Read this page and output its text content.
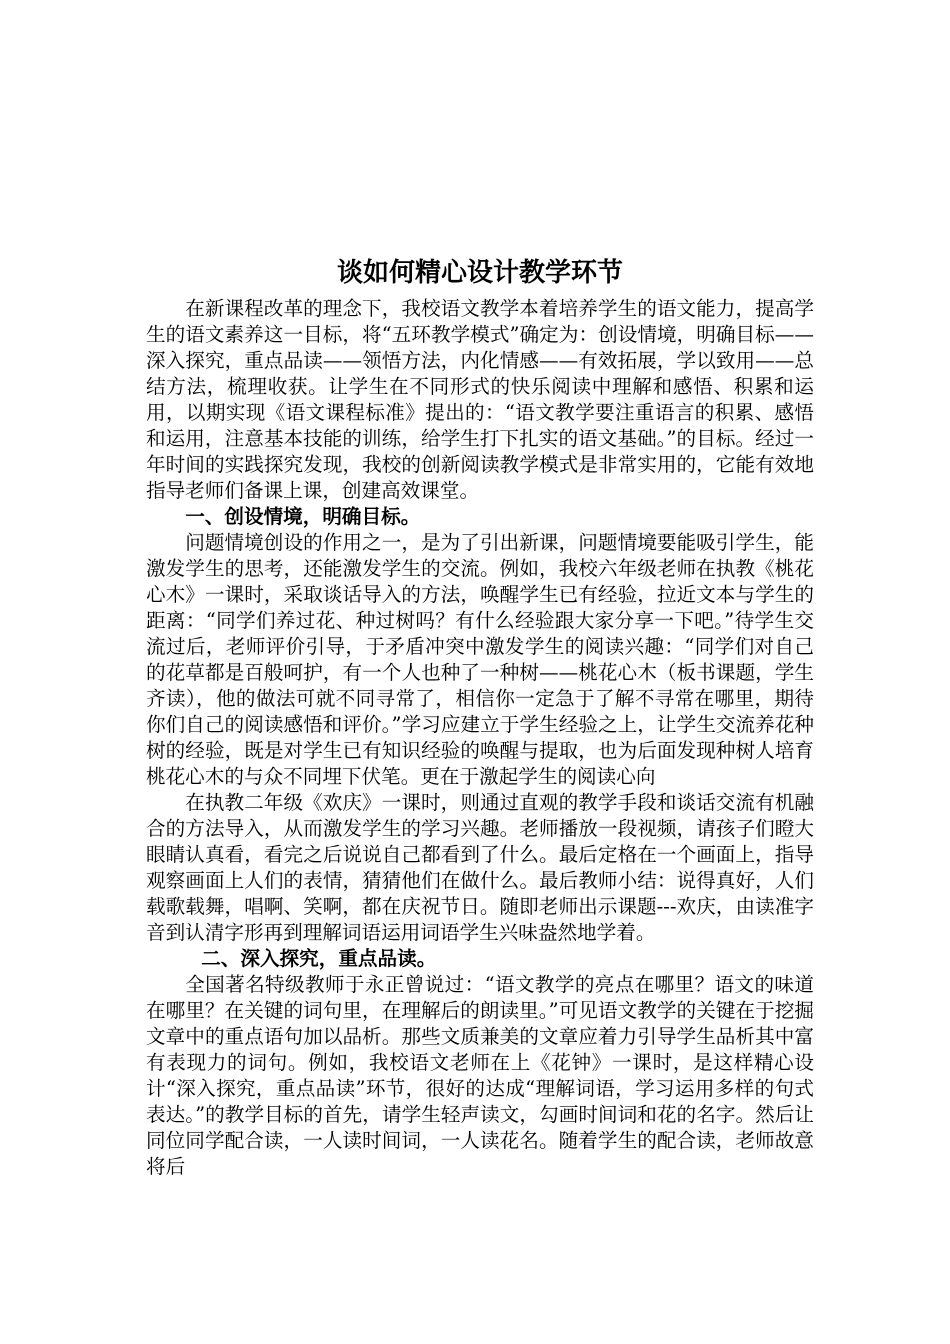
谈如何精心设计教学环节

在新课程改革的理念下，我校语文教学本着培养学生的语文能力，提高学生的语文素养这一目标，将“五环教学模式”确定为：创设情境，明确目标——深入探究，重点品读——领悟方法，内化情感——有效拓展，学以致用——总结方法，梳理收获。让学生在不同形式的快乐阅读中理解和感悟、积累和运用，以期实现《语文课程标准》提出的：“语文教学要注重语言的积累、感悟和运用，注意基本技能的训练，给学生打下扎实的语文基础。”的目标。经过一年时间的实践探究发现，我校的创新阅读教学模式是非常实用的，它能有效地指导老师们备课上课，创建高效课堂。

一、创设情境，明确目标。

问题情境创设的作用之一，是为了引出新课，问题情境要能吸引学生，能激发学生的思考，还能激发学生的交流。例如，我校六年级老师在执教《桃花心木》一课时，采取谈话导入的方法，唤醒学生已有经验，拉近文本与学生的距离：“同学们养过花、种过树吗？有什么经验跟大家分享一下吧。”待学生交流过后，老师评价引导，于矛盾冲突中激发学生的阅读兴趣：“同学们对自己的花草都是百般呵护，有一个人也种了一种树——桃花心木（板书课题，学生齐读），他的做法可就不同寻常了，相信你一定急于了解不寻常在哪里，期待你们自己的阅读感悟和评价。”学习应建立于学生经验之上，让学生交流养花种树的经验，既是对学生已有知识经验的唤醒与提取，也为后面发现种树人培育桃花心木的与众不同埋下伏笔。更在于激起学生的阅读心向

在执教二年级《欢庆》一课时，则通过直观的教学手段和谈话交流有机融合的方法导入，从而激发学生的学习兴趣。老师播放一段视频，请孩子们瞪大眼睛认真看，看完之后说说自己都看到了什么。最后定格在一个画面上，指导观察画面上人们的表情，猜猜他们在做什么。最后教师小结：说得真好，人们载歌载舞，唱啊、笑啊，都在庆祝节日。随即老师出示课题---欢庆，由读准字音到认清字形再到理解词语运用词语学生兴味盎然地学着。

二、深入探究，重点品读。

全国著名特级教师于永正曾说过：“语文教学的亮点在哪里？语文的味道在哪里？在关键的词句里，在理解后的朗读里。”可见语文教学的关键在于挖掘文章中的重点语句加以品析。那些文质兼美的文章应着力引导学生品析其中富有表现力的词句。例如，我校语文老师在上《花钟》一课时，是这样精心设计“深入探究，重点品读”环节，很好的达成“理解词语，学习运用多样的句式表达。”的教学目标的首先，请学生轻声读文，勾画时间词和花的名字。然后让同位同学配合读，一人读时间词，一人读花名。随着学生的配合读，老师故意将后
